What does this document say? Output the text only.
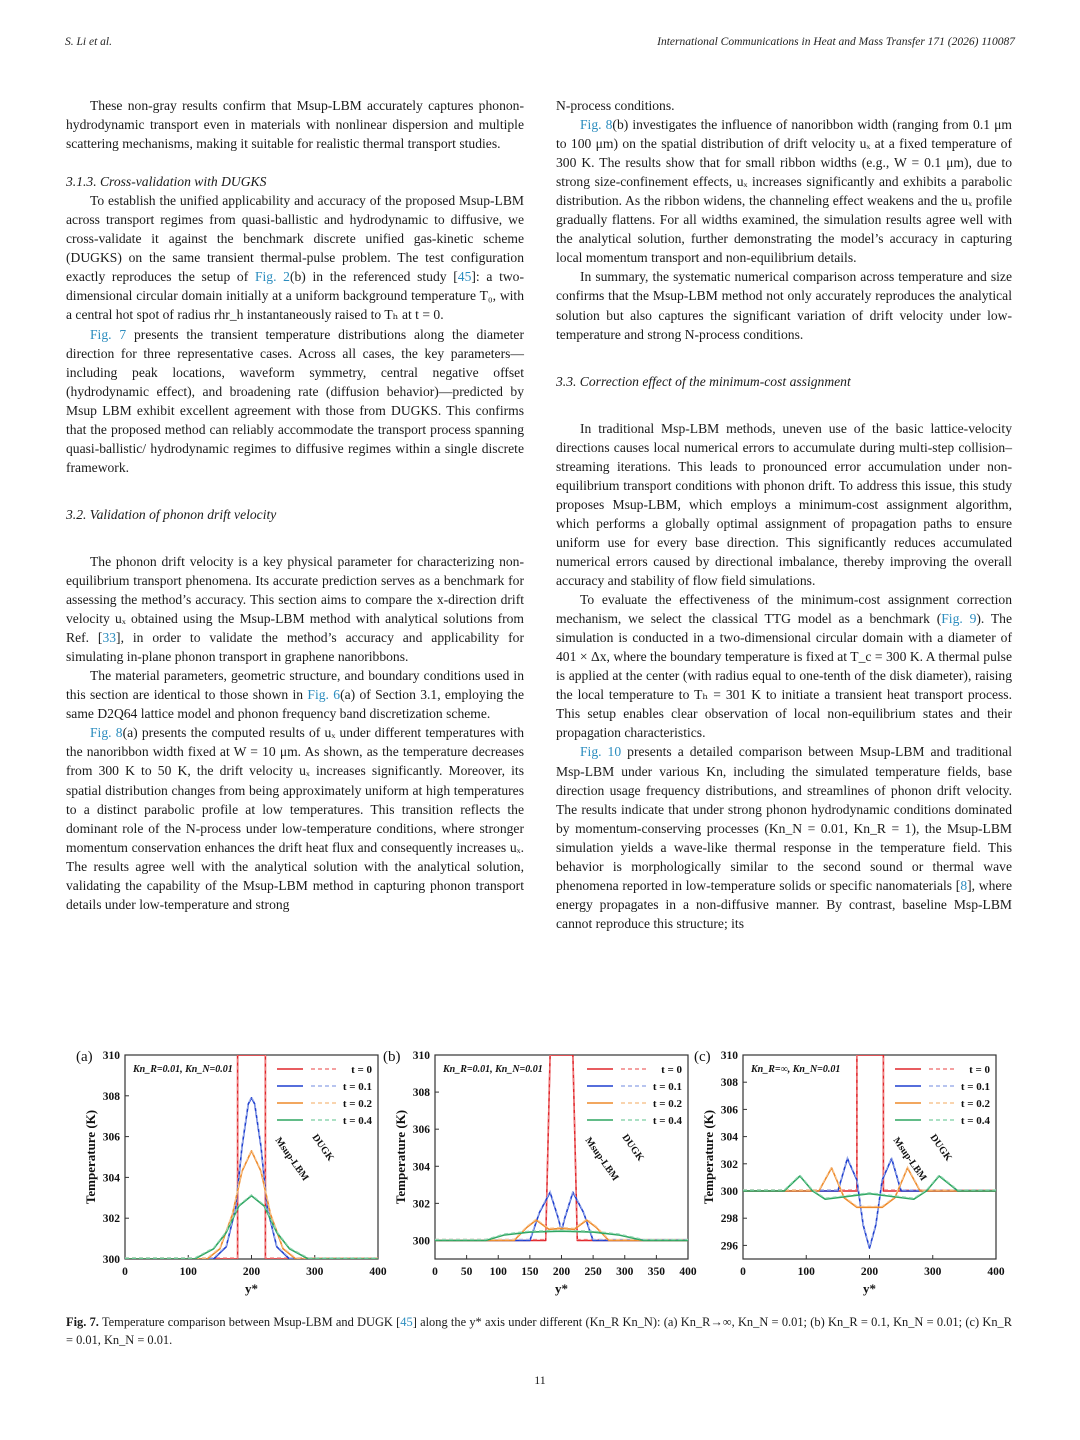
S. Li et al.	International Communications in Heat and Mass Transfer 171 (2026) 110087

These non-gray results confirm that Msup-LBM accurately captures phonon-hydrodynamic transport even in materials with nonlinear dispersion and multiple scattering mechanisms, making it suitable for realistic thermal transport studies.

3.1.3. Cross-validation with DUGKS

To establish the unified applicability and accuracy of the proposed Msup-LBM across transport regimes from quasi-ballistic and hydrodynamic to diffusive, we cross-validate it against the benchmark discrete unified gas-kinetic scheme (DUGKS) on the same transient thermal-pulse problem. The test configuration exactly reproduces the setup of Fig. 2(b) in the referenced study [45]: a two-dimensional circular domain initially at a uniform background temperature T₀, with a central hot spot of radius rhr_h instantaneously raised to Tₕ at t = 0.

Fig. 7 presents the transient temperature distributions along the diameter direction for three representative cases. Across all cases, the key parameters—including peak locations, waveform symmetry, central negative offset (hydrodynamic effect), and broadening rate (diffusion behavior)—predicted by Msup LBM exhibit excellent agreement with those from DUGKS. This confirms that the proposed method can reliably accommodate the transport process spanning quasi-ballistic/ hydrodynamic regimes to diffusive regimes within a single discrete framework.

3.2. Validation of phonon drift velocity

The phonon drift velocity is a key physical parameter for characterizing non-equilibrium transport phenomena. Its accurate prediction serves as a benchmark for assessing the method’s accuracy. This section aims to compare the x-direction drift velocity uₓ obtained using the Msup-LBM method with analytical solutions from Ref. [33], in order to validate the method’s accuracy and applicability for simulating in-plane phonon transport in graphene nanoribbons.

The material parameters, geometric structure, and boundary conditions used in this section are identical to those shown in Fig. 6(a) of Section 3.1, employing the same D2Q64 lattice model and phonon frequency band discretization scheme.

Fig. 8(a) presents the computed results of uₓ under different temperatures with the nanoribbon width fixed at W = 10 μm. As shown, as the temperature decreases from 300 K to 50 K, the drift velocity uₓ increases significantly. Moreover, its spatial distribution changes from being approximately uniform at high temperatures to a distinct parabolic profile at low temperatures. This transition reflects the dominant role of the N-process under low-temperature conditions, where stronger momentum conservation enhances the drift heat flux and consequently increases uₓ. The results agree well with the analytical solution with the analytical solution, validating the capability of the Msup-LBM method in capturing phonon transport details under low-temperature and strong

N-process conditions.

Fig. 8(b) investigates the influence of nanoribbon width (ranging from 0.1 μm to 100 μm) on the spatial distribution of drift velocity uₓ at a fixed temperature of 300 K. The results show that for small ribbon widths (e.g., W = 0.1 μm), due to strong size-confinement effects, uₓ increases significantly and exhibits a parabolic distribution. As the ribbon widens, the channeling effect weakens and the uₓ profile gradually flattens. For all widths examined, the simulation results agree well with the analytical solution, further demonstrating the model’s accuracy in capturing local momentum transport and non-equilibrium details.

In summary, the systematic numerical comparison across temperature and size confirms that the Msup-LBM method not only accurately reproduces the analytical solution but also captures the significant variation of drift velocity under low-temperature and strong N-process conditions.

3.3. Correction effect of the minimum-cost assignment

In traditional Msp-LBM methods, uneven use of the basic lattice-velocity directions causes local numerical errors to accumulate during multi-step collision–streaming iterations. This leads to pronounced error accumulation under non-equilibrium transport conditions with phonon drift. To address this issue, this study proposes Msup-LBM, which employs a minimum-cost assignment algorithm, which performs a globally optimal assignment of propagation paths to ensure uniform use for every base direction. This significantly reduces accumulated numerical errors caused by directional imbalance, thereby improving the overall accuracy and stability of flow field simulations.

To evaluate the effectiveness of the minimum-cost assignment correction mechanism, we select the classical TTG model as a benchmark (Fig. 9). The simulation is conducted in a two-dimensional circular domain with a diameter of 401 × Δx, where the boundary temperature is fixed at T_c = 300 K. A thermal pulse is applied at the center (with radius equal to one-tenth of the disk diameter), raising the local temperature to Tₕ = 301 K to initiate a transient heat transport process. This setup enables clear observation of local non-equilibrium states and their propagation characteristics.

Fig. 10 presents a detailed comparison between Msup-LBM and traditional Msp-LBM under various Kn, including the simulated temperature fields, base direction usage frequency distributions, and streamlines of phonon drift velocity. The results indicate that under strong phonon hydrodynamic conditions dominated by momentum-conserving processes (Kn_N = 0.01, Kn_R = 1), the Msup-LBM simulation yields a wave-like thermal response in the temperature field. This behavior is morphologically similar to the second sound or thermal wave phenomena reported in low-temperature solids or specific nanomaterials [8], where energy propagates in a non-diffusive manner. By contrast, baseline Msp-LBM cannot reproduce this structure; its

(a)
300
302
304
306
308
310
0	100	200	300	400
y*
Temperature (K)
Kn_R=0.01, Kn_N=0.01	t = 0
t = 0.1
t = 0.2
t = 0.4
Msup-LBM
DUGK
(b)
300
302
304
306
308
310
0 50 100 150 200 250 300 350 400
y*
Temperature (K)
Kn_R=0.01, Kn_N=0.01	t = 0
t = 0.1
t = 0.2
t = 0.4
Msup-LBM
DUGK
(c)
296
298
300
302
304
306
308
310
0	100	200	300	400
y*
Temperature (K)
Kn_R=∞, Kn_N=0.01	t = 0
t = 0.1
t = 0.2
t = 0.4
Msup-LBM
DUGK
Fig. 7. Temperature comparison between Msup-LBM and DUGK [45] along the y* axis under different (Kn_R Kn_N): (a) Kn_R→∞, Kn_N = 0.01; (b) Kn_R = 0.1, Kn_N = 0.01; (c) Kn_R = 0.01, Kn_N = 0.01.
11
